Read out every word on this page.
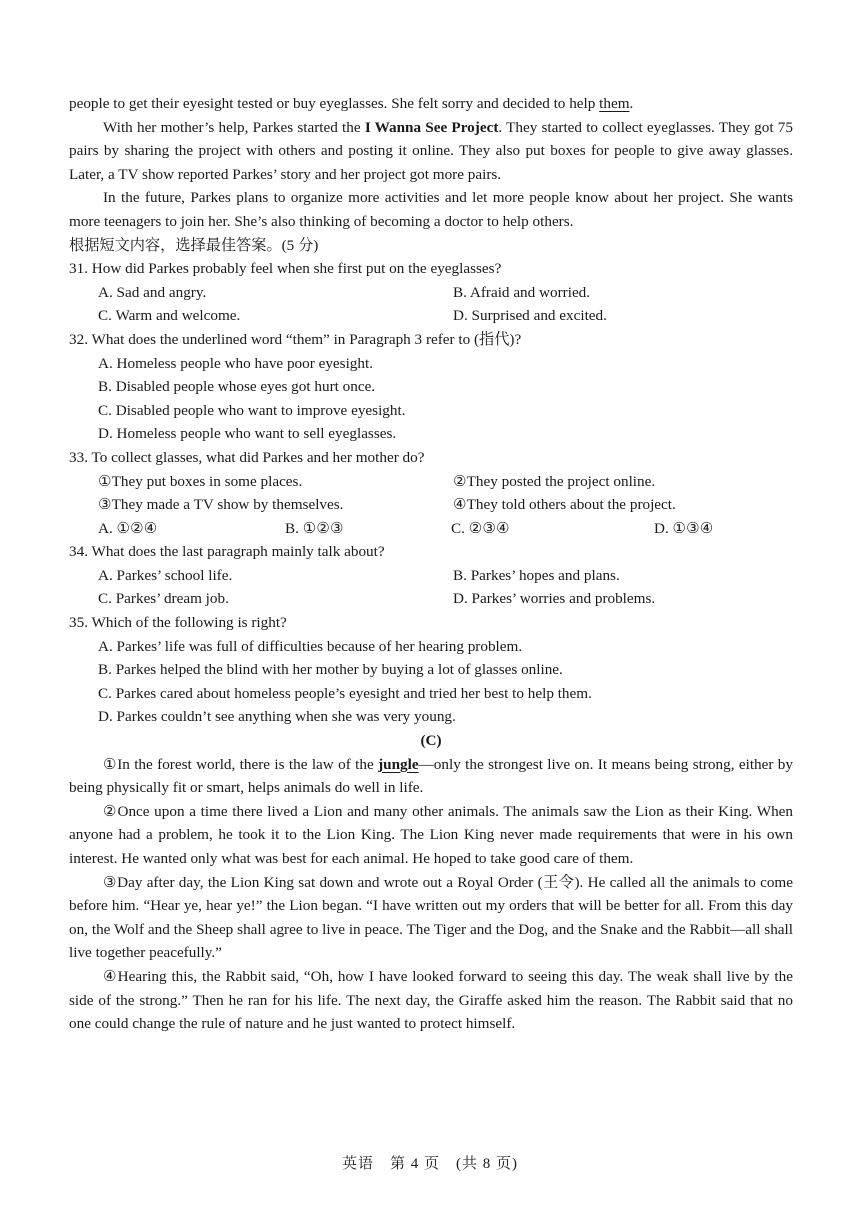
people to get their eyesight tested or buy eyeglasses. She felt sorry and decided to help them.

With her mother’s help, Parkes started the I Wanna See Project. They started to collect eyeglasses. They got 75 pairs by sharing the project with others and posting it online. They also put boxes for people to give away glasses. Later, a TV show reported Parkes’ story and her project got more pairs.

In the future, Parkes plans to organize more activities and let more people know about her project. She wants more teenagers to join her. She’s also thinking of becoming a doctor to help others.

根据短文内容，选择最佳答案。(5 分)

31. How did Parkes probably feel when she first put on the eyeglasses?

A. Sad and angry.	B. Afraid and worried.
C. Warm and welcome.	D. Surprised and excited.

32. What does the underlined word “them” in Paragraph 3 refer to (指代)?

A. Homeless people who have poor eyesight.

B. Disabled people whose eyes got hurt once.

C. Disabled people who want to improve eyesight.

D. Homeless people who want to sell eyeglasses.

33. To collect glasses, what did Parkes and her mother do?

①They put boxes in some places.	②They posted the project online.
③They made a TV show by themselves.	④They told others about the project.
A. ①②④	B. ①②③	C. ②③④	D. ①③④

34. What does the last paragraph mainly talk about?

A. Parkes’ school life.	B. Parkes’ hopes and plans.
C. Parkes’ dream job.	D. Parkes’ worries and problems.

35. Which of the following is right?

A. Parkes’ life was full of difficulties because of her hearing problem.

B. Parkes helped the blind with her mother by buying a lot of glasses online.

C. Parkes cared about homeless people’s eyesight and tried her best to help them.

D. Parkes couldn’t see anything when she was very young.

(C)

①In the forest world, there is the law of the jungle—only the strongest live on. It means being strong, either by being physically fit or smart, helps animals do well in life.

②Once upon a time there lived a Lion and many other animals. The animals saw the Lion as their King. When anyone had a problem, he took it to the Lion King. The Lion King never made requirements that were in his own interest. He wanted only what was best for each animal. He hoped to take good care of them.

③Day after day, the Lion King sat down and wrote out a Royal Order (王令). He called all the animals to come before him. “Hear ye, hear ye!” the Lion began. “I have written out my orders that will be better for all. From this day on, the Wolf and the Sheep shall agree to live in peace. The Tiger and the Dog, and the Snake and the Rabbit—all shall live together peacefully.”

④Hearing this, the Rabbit said, “Oh, how I have looked forward to seeing this day. The weak shall live by the side of the strong.” Then he ran for his life. The next day, the Giraffe asked him the reason. The Rabbit said that no one could change the rule of nature and he just wanted to protect himself.

英语　第 4 页　(共 8 页)
